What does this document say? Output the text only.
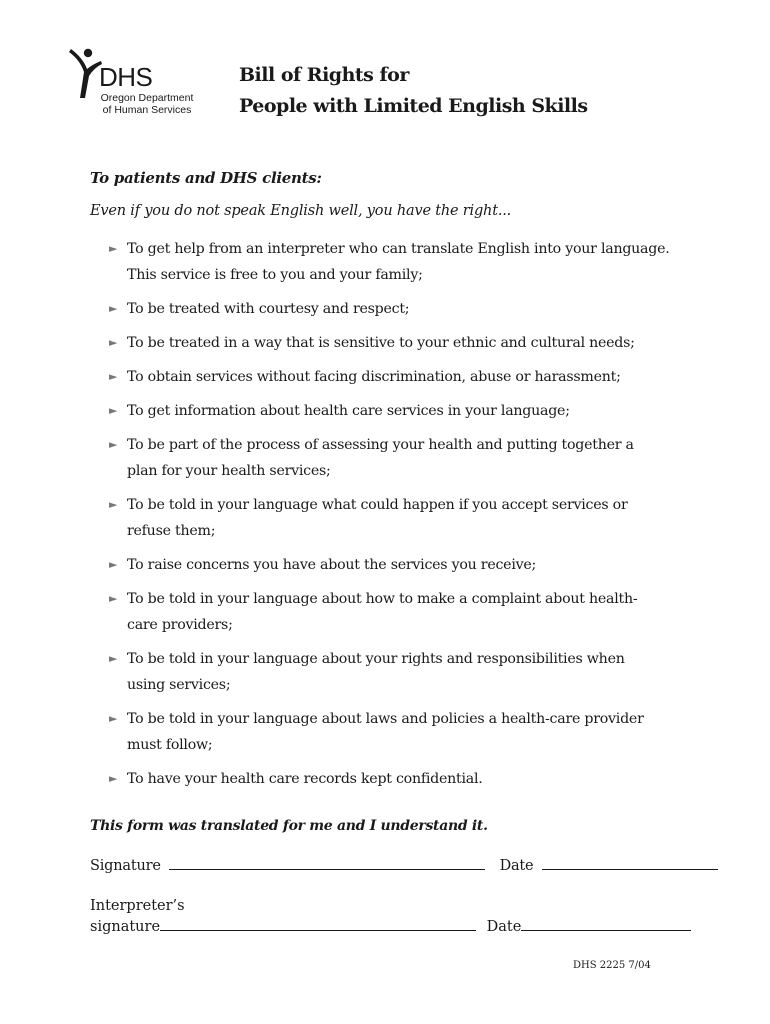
DHS
Oregon Department
of Human Services
Bill of Rights for
People with Limited English Skills
To patients and DHS clients:
Even if you do not speak English well, you have the right...
► To get help from an interpreter who can translate English into your language.
This service is free to you and your family;
► To be treated with courtesy and respect;
► To be treated in a way that is sensitive to your ethnic and cultural needs;
► To obtain services without facing discrimination, abuse or harassment;
► To get information about health care services in your language;
► To be part of the process of assessing your health and putting together a
plan for your health services;
► To be told in your language what could happen if you accept services or
refuse them;
► To raise concerns you have about the services you receive;
► To be told in your language about how to make a complaint about health-
care providers;
► To be told in your language about your rights and responsibilities when
using services;
► To be told in your language about laws and policies a health-care provider
must follow;
► To have your health care records kept confidential.
This form was translated for me and I understand it.
Signature	Date
Interpreter’s
signature	Date
DHS 2225 7/04
